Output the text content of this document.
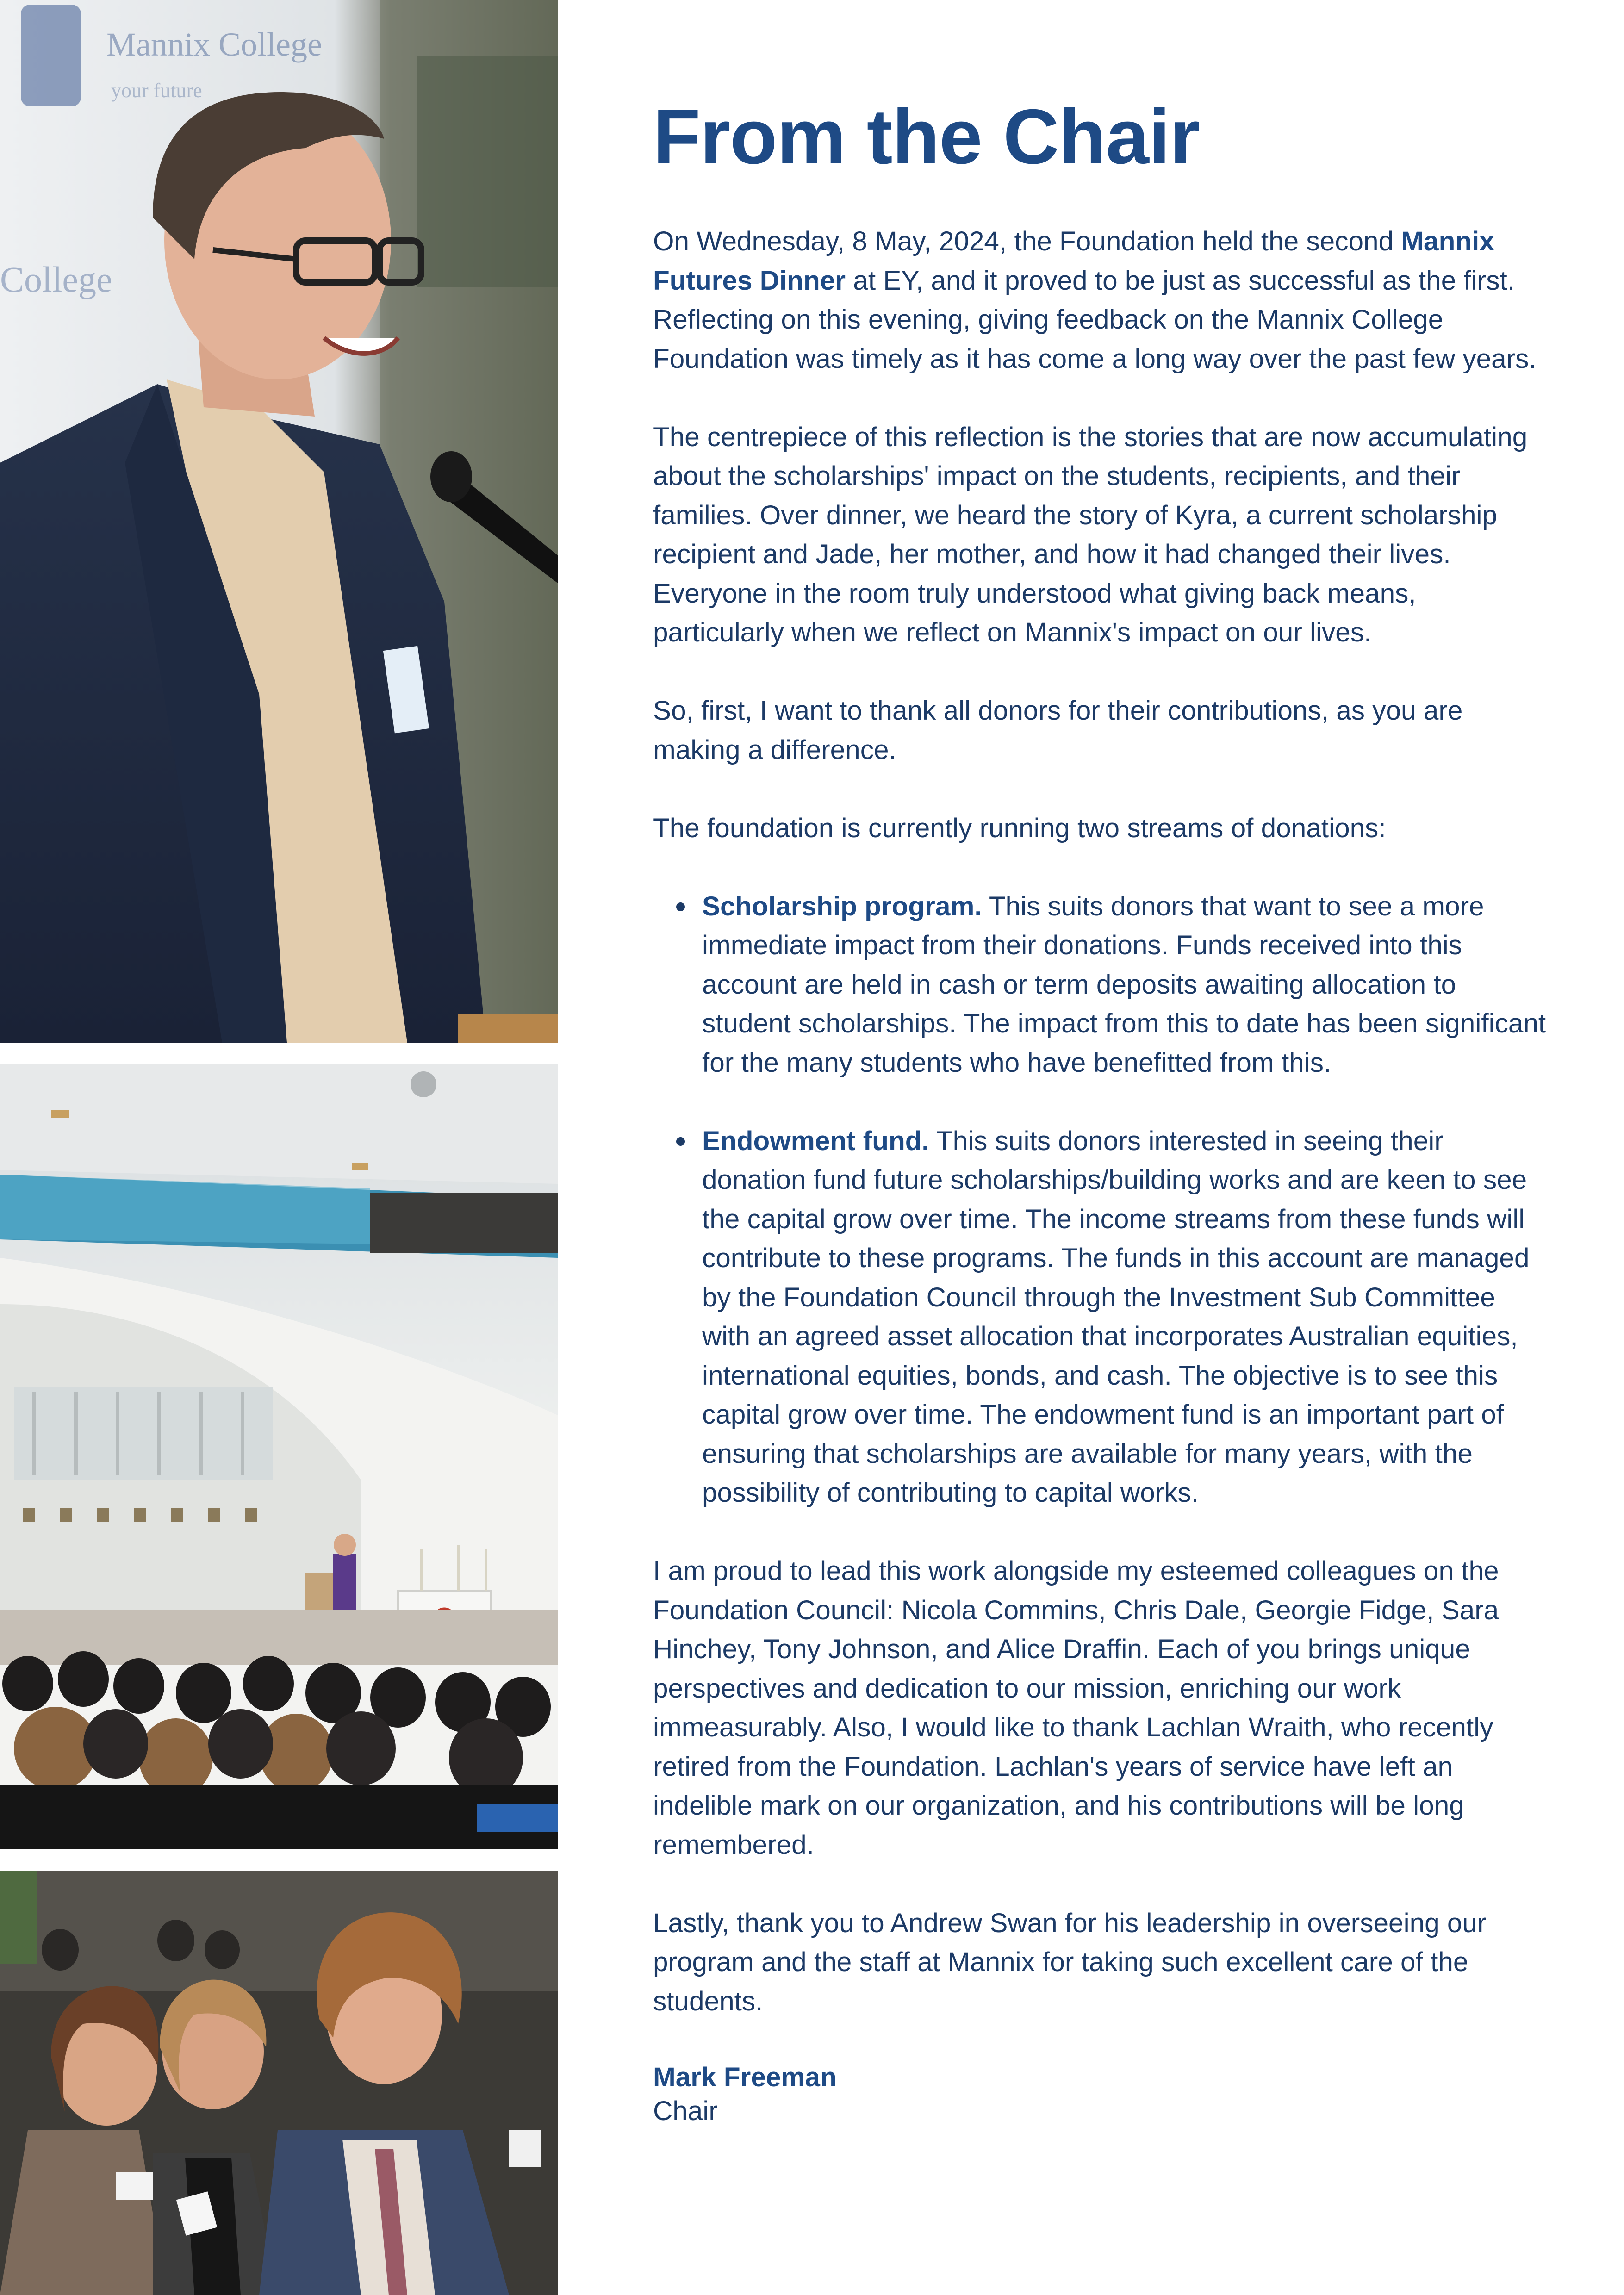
Mannix College
your future
College
From the Chair

On Wednesday, 8 May, 2024, the Foundation held the second Mannix Futures Dinner at EY, and it proved to be just as successful as the first. Reflecting on this evening, giving feedback on the Mannix College Foundation was timely as it has come a long way over the past few years.

The centrepiece of this reflection is the stories that are now accumulating about the scholarships' impact on the students, recipients, and their families. Over dinner, we heard the story of Kyra, a current scholarship recipient and Jade, her mother, and how it had changed their lives. Everyone in the room truly understood what giving back means, particularly when we reflect on Mannix's impact on our lives.

So, first, I want to thank all donors for their contributions, as you are making a difference.

The foundation is currently running two streams of donations:

Scholarship program. This suits donors that want to see a more immediate impact from their donations. Funds received into this account are held in cash or term deposits awaiting allocation to student scholarships. The impact from this to date has been significant for the many students who have benefitted from this.
Endowment fund. This suits donors interested in seeing their donation fund future scholarships/building works and are keen to see the capital grow over time. The income streams from these funds will contribute to these programs. The funds in this account are managed by the Foundation Council through the Investment Sub Committee with an agreed asset allocation that incorporates Australian equities, international equities, bonds, and cash. The objective is to see this capital grow over time. The endowment fund is an important part of ensuring that scholarships are available for many years, with the possibility of contributing to capital works.

I am proud to lead this work alongside my esteemed colleagues on the Foundation Council: Nicola Commins, Chris Dale, Georgie Fidge, Sara Hinchey, Tony Johnson, and Alice Draffin. Each of you brings unique perspectives and dedication to our mission, enriching our work immeasurably. Also, I would like to thank Lachlan Wraith, who recently retired from the Foundation. Lachlan's years of service have left an indelible mark on our organization, and his contributions will be long remembered.

Lastly, thank you to Andrew Swan for his leadership in overseeing our program and the staff at Mannix for taking such excellent care of the students.

Mark Freeman

Chair
